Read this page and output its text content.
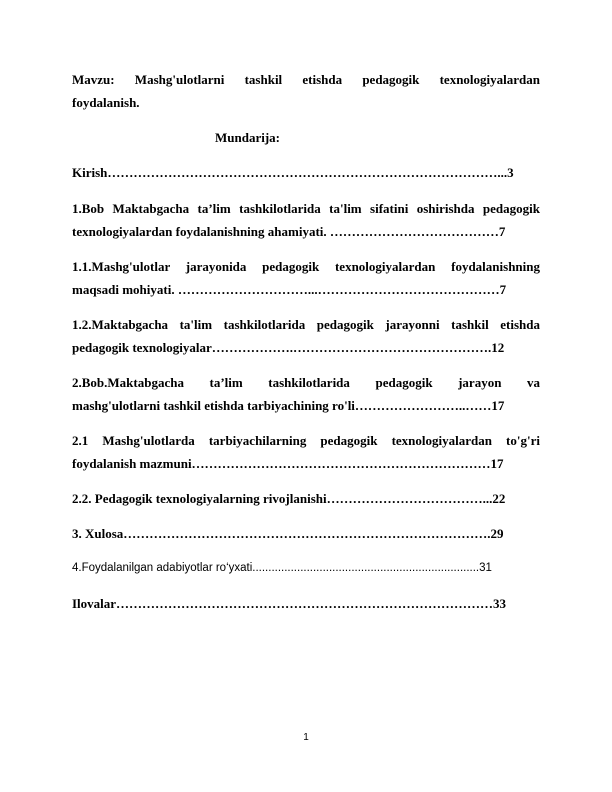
Mavzu: Mashg'ulotlarni tashkil etishda pedagogik texnologiyalardan
foydalanish.
Mundarija:
Kirish………………………………………………………………………………...3
1.Bob Maktabgacha ta’lim tashkilotlarida ta'lim sifatini oshirishda pedagogik
texnologiyalardan foydalanishning ahamiyati. …………………………………7
1.1.Mashg'ulotlar jarayonida pedagogik texnologiyalardan foydalanishning
maqsadi mohiyati. …………………………...……………………………………7
1.2.Maktabgacha ta'lim tashkilotlarida pedagogik jarayonni tashkil etishda
pedagogik texnologiyalar……………….……………………………………….12
2.Bob.Maktabgacha ta’lim tashkilotlarida pedagogik jarayon va
mashg'ulotlarni tashkil etishda tarbiyachining ro'li……………………..……17
2.1 Mashg'ulotlarda tarbiyachilarning pedagogik texnologiyalardan to'g'ri
foydalanish mazmuni……………………………………………………………17
2.2. Pedagogik texnologiyalarning rivojlanishi………………………………...22
3. Xulosa………………………………………………………………………….29
4.Foydalanilgan adabiyotlar ro‘yxati.......................................................................31
Ilovalar……………………………………………………………………………33
1
